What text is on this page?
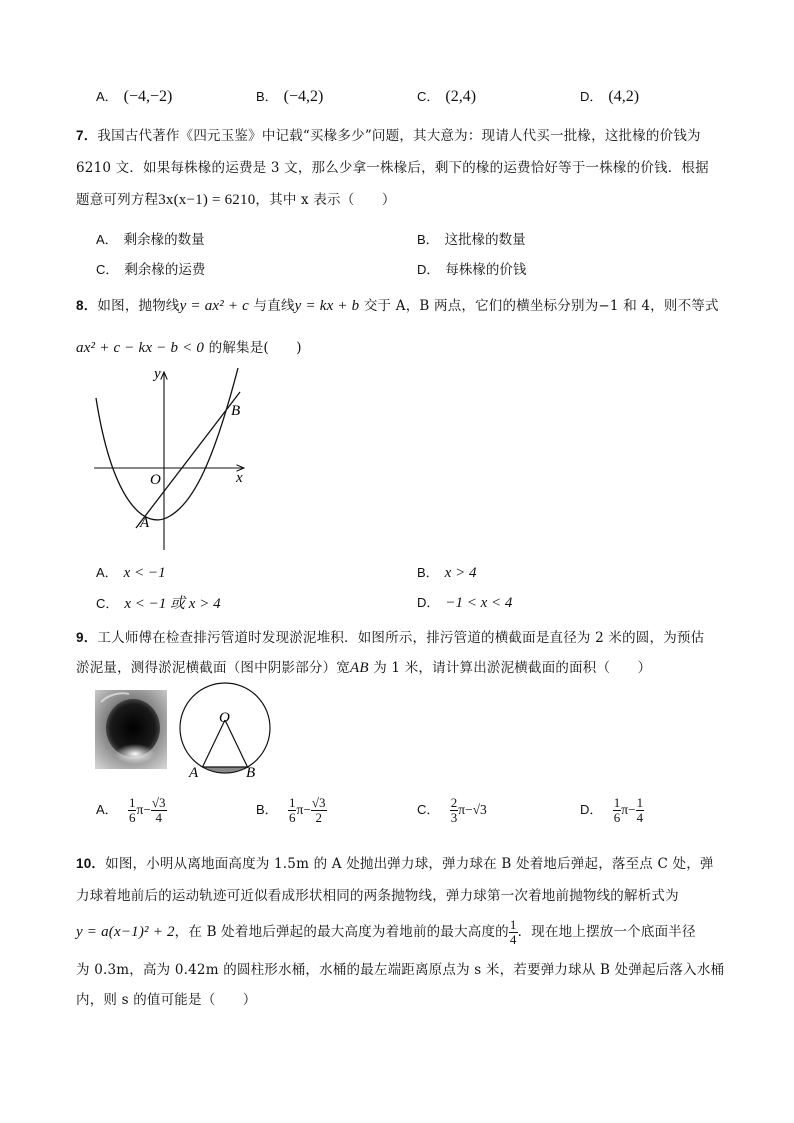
A． (−4,−2)	B． (−4,2)	C． (2,4)	D． (4,2)
7．我国古代著作《四元玉鉴》中记载“买椽多少”问题，其大意为：现请人代买一批椽，这批椽的价钱为
6210 文．如果每株椽的运费是 3 文，那么少拿一株椽后，剩下的椽的运费恰好等于一株椽的价钱．根据
题意可列方程3x(x−1) = 6210，其中 x 表示（　　）
A． 剩余椽的数量	B． 这批椽的数量
C． 剩余椽的运费	D． 每株椽的价钱
8．如图，抛物线y = ax² + c 与直线y = kx + b 交于 A，B 两点，它们的横坐标分别为−1 和 4，则不等式
ax² + c − kx − b < 0 的解集是(　　)
y
x
O
A
B
A． x < −1	B． x > 4
C． x < −1 或 x > 4	D． −1 < x < 4
9．工人师傅在检查排污管道时发现淤泥堆积．如图所示，排污管道的横截面是直径为 2 米的圆，为预估
淤泥量，测得淤泥横截面（图中阴影部分）宽AB 为 1 米，请计算出淤泥横截面的面积（　　）
O
A	B
A． $\frac{1}{6} \pi- \frac{√3}{4}$	B． $\frac{1}{6} \pi- \frac{√3}{2}$	C． $\frac{2}{3} \pi-√3$	D． $\frac{1}{6} \pi- \frac{1}{4}$
10．如图，小明从离地面高度为 1.5m 的 A 处抛出弹力球，弹力球在 B 处着地后弹起，落至点 C 处，弹
力球着地前后的运动轨迹可近似看成形状相同的两条抛物线，弹力球第一次着地前抛物线的解析式为
y = a(x−1)² + 2，在 B 处着地后弹起的最大高度为着地前的最大高度的 $\frac{1}{4}$ ．现在地上摆放一个底面半径
为 0.3m，高为 0.42m 的圆柱形水桶，水桶的最左端距离原点为 s 米，若要弹力球从 B 处弹起后落入水桶
内，则 s 的值可能是（　　）
